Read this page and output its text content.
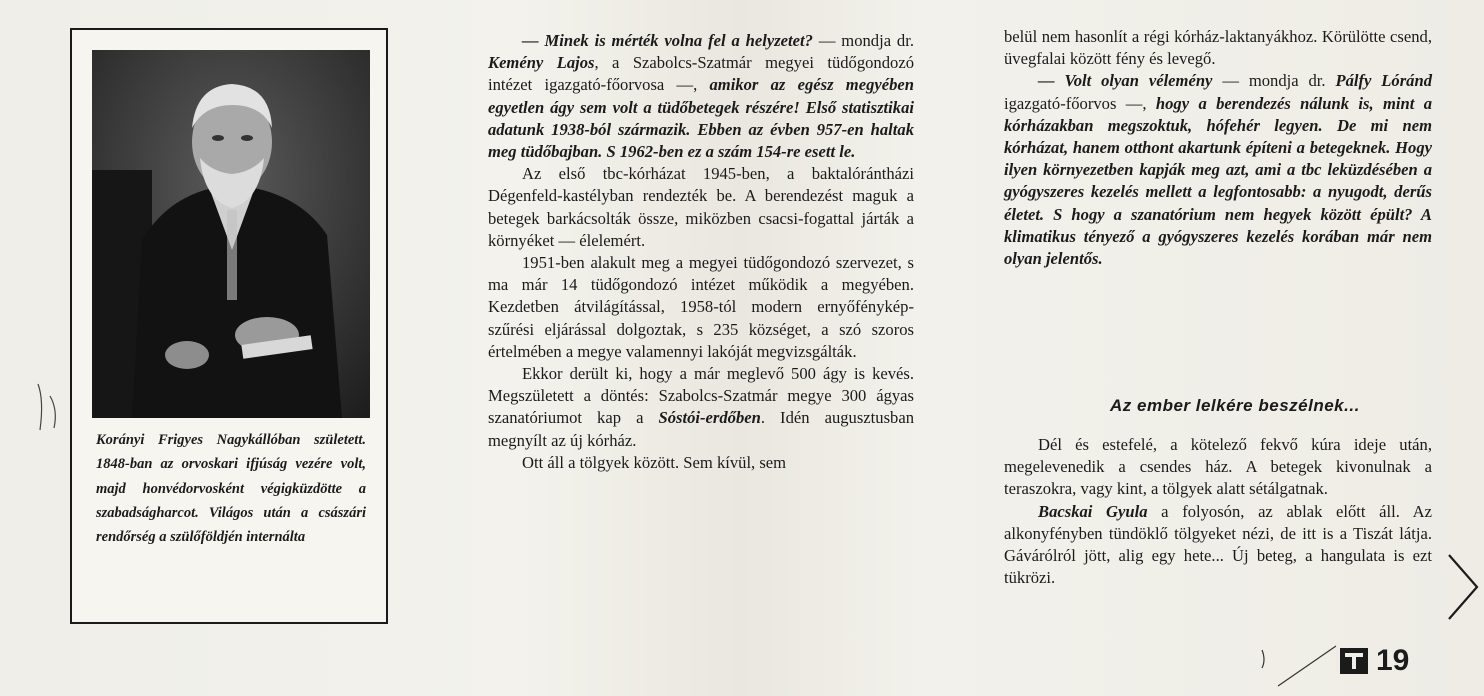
Korányi Frigyes Nagykállóban született. 1848-ban az orvoskari ifjúság vezére volt, majd honvédorvosként végigküzdötte a szabadságharcot. Világos után a császári rendőrség a szülőföldjén internálta

— Minek is mérték volna fel a helyzetet? — mondja dr. Kemény Lajos, a Szabolcs-Szatmár megyei tüdőgondozó intézet igazgató-főorvosa —, amikor az egész megyében egyetlen ágy sem volt a tüdőbetegek részére! Első statisztikai adatunk 1938-ból származik. Ebben az évben 957-en haltak meg tüdőbajban. S 1962-ben ez a szám 154-re esett le.

Az első tbc-kórházat 1945-ben, a baktalórántházi Dégenfeld-kastélyban rendezték be. A berendezést maguk a betegek barkácsolták össze, miközben csacsi-fogattal járták a környéket — élelemért.

1951-ben alakult meg a megyei tüdőgondozó szervezet, s ma már 14 tüdőgondozó intézet működik a megyében. Kezdetben átvilágítással, 1958-tól modern ernyőfénykép-szűrési eljárással dolgoztak, s 235 községet, a szó szoros értelmében a megye valamennyi lakóját megvizsgálták.

Ekkor derült ki, hogy a már meglevő 500 ágy is kevés. Megszületett a döntés: Szabolcs-Szatmár megye 300 ágyas szanatóriumot kap a Sóstói-erdőben. Idén augusztusban megnyílt az új kórház.

Ott áll a tölgyek között. Sem kívül, sem

belül nem hasonlít a régi kórház-laktanyákhoz. Körülötte csend, üvegfalai között fény és levegő.

— Volt olyan vélemény — mondja dr. Pálfy Lóránd igazgató-főorvos —, hogy a berendezés nálunk is, mint a kórházakban megszoktuk, hófehér legyen. De mi nem kórházat, hanem otthont akartunk építeni a betegeknek. Hogy ilyen környezetben kapják meg azt, ami a tbc leküzdésében a gyógyszeres kezelés mellett a legfontosabb: a nyugodt, derűs életet. S hogy a szanatórium nem hegyek között épült? A klimatikus tényező a gyógyszeres kezelés korában már nem olyan jelentős.

Az ember lelkére beszélnek...

Dél és estefelé, a kötelező fekvő kúra ideje után, megelevenedik a csendes ház. A betegek kivonulnak a teraszokra, vagy kint, a tölgyek alatt sétálgatnak.

Bacskai Gyula a folyosón, az ablak előtt áll. Az alkonyfényben tündöklő tölgyeket nézi, de itt is a Tiszát látja. Gávárólról jött, alig egy hete... Új beteg, a hangulata is ezt tükrözi.

19
